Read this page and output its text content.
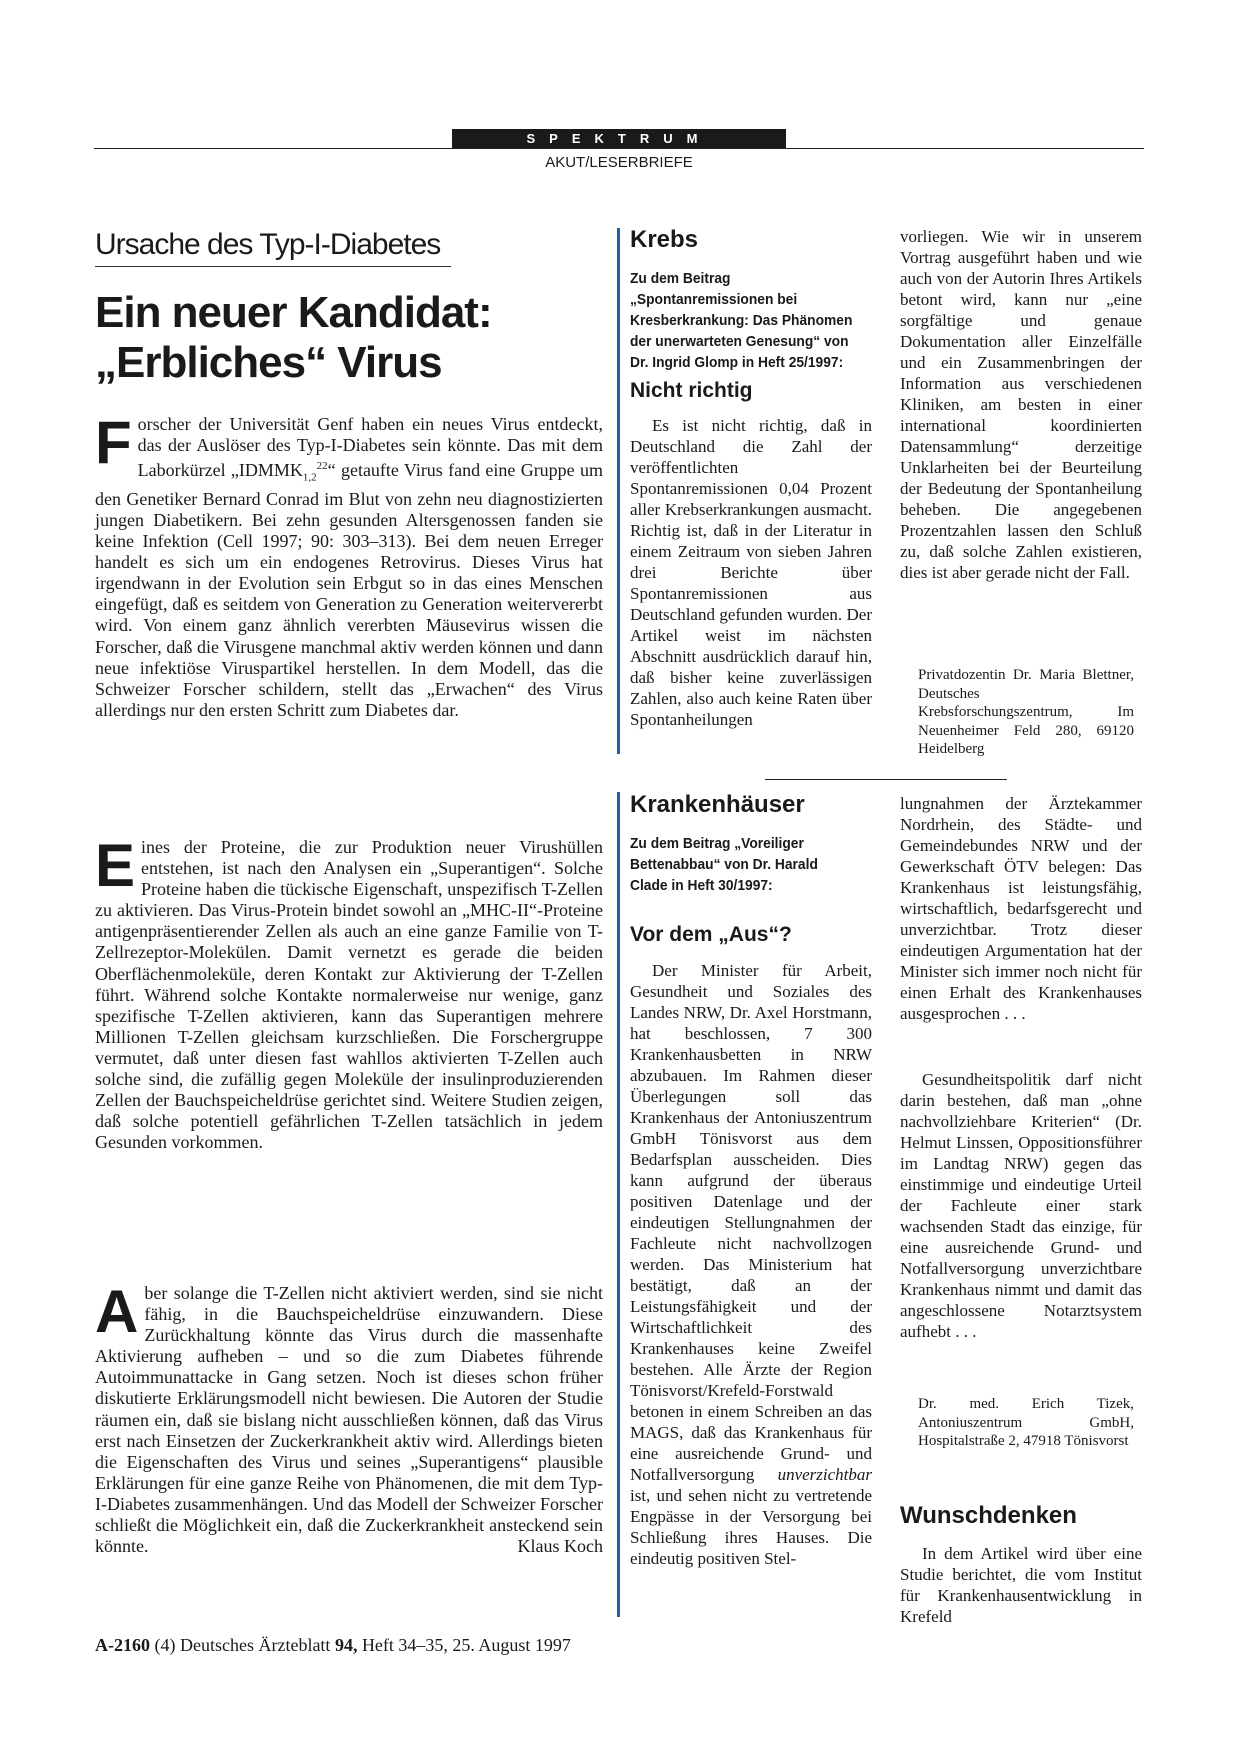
SPEKTRUM
AKUT/LESERBRIEFE
Ursache des Typ-I-Diabetes
Ein neuer Kandidat:
„Erbliches“ Virus

Forscher der Universität Genf haben ein neues Virus entdeckt, das der Auslöser des Typ-I-Diabetes sein könnte. Das mit dem Laborkürzel $„IDMMK_{1,2}^{22}“$ getaufte Virus fand eine Gruppe um den Genetiker Bernard Conrad im Blut von zehn neu diagnostizierten jungen Diabetikern. Bei zehn gesunden Altersgenossen fanden sie keine Infektion (Cell 1997; 90: 303–313). Bei dem neuen Erreger handelt es sich um ein endogenes Retrovirus. Dieses Virus hat irgendwann in der Evolution sein Erbgut so in das eines Menschen eingefügt, daß es seitdem von Generation zu Generation weitervererbt wird. Von einem ganz ähnlich vererbten Mäusevirus wissen die Forscher, daß die Virusgene manchmal aktiv werden können und dann neue infektiöse Viruspartikel herstellen. In dem Modell, das die Schweizer Forscher schildern, stellt das „Erwachen“ des Virus allerdings nur den ersten Schritt zum Diabetes dar.

Eines der Proteine, die zur Produktion neuer Virushüllen entstehen, ist nach den Analysen ein „Superantigen“. Solche Proteine haben die tückische Eigenschaft, unspezifisch T-Zellen zu aktivieren. Das Virus-Protein bindet sowohl an „MHC-II“-Proteine antigenpräsentierender Zellen als auch an eine ganze Familie von T-Zellrezeptor-Molekülen. Damit vernetzt es gerade die beiden Oberflächenmoleküle, deren Kontakt zur Aktivierung der T-Zellen führt. Während solche Kontakte normalerweise nur wenige, ganz spezifische T-Zellen aktivieren, kann das Superantigen mehrere Millionen T-Zellen gleichsam kurzschließen. Die Forschergruppe vermutet, daß unter diesen fast wahllos aktivierten T-Zellen auch solche sind, die zufällig gegen Moleküle der insulinproduzierenden Zellen der Bauchspeicheldrüse gerichtet sind. Weitere Studien zeigen, daß solche potentiell gefährlichen T-Zellen tatsächlich in jedem Gesunden vorkommen.

Aber solange die T-Zellen nicht aktiviert werden, sind sie nicht fähig, in die Bauchspeicheldrüse einzuwandern. Diese Zurückhaltung könnte das Virus durch die massenhafte Aktivierung aufheben – und so die zum Diabetes führende Autoimmunattacke in Gang setzen. Noch ist dieses schon früher diskutierte Erklärungsmodell nicht bewiesen. Die Autoren der Studie räumen ein, daß sie bislang nicht ausschließen können, daß das Virus erst nach Einsetzen der Zuckerkrankheit aktiv wird. Allerdings bieten die Eigenschaften des Virus und seines „Superantigens“ plausible Erklärungen für eine ganze Reihe von Phänomenen, die mit dem Typ-I-Diabetes zusammenhängen. Und das Modell der Schweizer Forscher schließt die Möglichkeit ein, daß die Zuckerkrankheit ansteckend sein könnte.	Klaus Koch

Krebs
Zu dem Beitrag „Spontanremissionen bei Kresberkrankung: Das Phänomen der unerwarteten Genesung“ von Dr. Ingrid Glomp in Heft 25/1997:
Nicht richtig

Es ist nicht richtig, daß in Deutschland die Zahl der veröffentlichten Spontanremissionen 0,04 Prozent aller Krebserkrankungen ausmacht. Richtig ist, daß in der Literatur in einem Zeitraum von sieben Jahren drei Berichte über Spontanremissionen aus Deutschland gefunden wurden. Der Artikel weist im nächsten Abschnitt ausdrücklich darauf hin, daß bisher keine zuverlässigen Zahlen, also auch keine Raten über Spontanheilungen

vorliegen. Wie wir in unserem Vortrag ausgeführt haben und wie auch von der Autorin Ihres Artikels betont wird, kann nur „eine sorgfältige und genaue Dokumentation aller Einzelfälle und ein Zusammenbringen der Information aus verschiedenen Kliniken, am besten in einer international koordinierten Datensammlung“ derzeitige Unklarheiten bei der Beurteilung der Bedeutung der Spontanheilung beheben. Die angegebenen Prozentzahlen lassen den Schluß zu, daß solche Zahlen existieren, dies ist aber gerade nicht der Fall.

Privatdozentin Dr. Maria Blettner, Deutsches Krebsforschungszentrum, Im Neuenheimer Feld 280, 69120 Heidelberg
Krankenhäuser
Zu dem Beitrag „Voreiliger Bettenabbau“ von Dr. Harald Clade in Heft 30/1997:
Vor dem „Aus“?

Der Minister für Arbeit, Gesundheit und Soziales des Landes NRW, Dr. Axel Horstmann, hat beschlossen, 7 300 Krankenhausbetten in NRW abzubauen. Im Rahmen dieser Überlegungen soll das Krankenhaus der Antoniuszentrum GmbH Tönisvorst aus dem Bedarfsplan ausscheiden. Dies kann aufgrund der überaus positiven Datenlage und der eindeutigen Stellungnahmen der Fachleute nicht nachvollzogen werden. Das Ministerium hat bestätigt, daß an der Leistungsfähigkeit und der Wirtschaftlichkeit des Krankenhauses keine Zweifel bestehen. Alle Ärzte der Region Tönisvorst/Krefeld-Forstwald betonen in einem Schreiben an das MAGS, daß das Krankenhaus für eine ausreichende Grund- und Notfallversorgung unverzichtbar ist, und sehen nicht zu vertretende Engpässe in der Versorgung bei Schließung ihres Hauses. Die eindeutig positiven Stel-

lungnahmen der Ärztekammer Nordrhein, des Städte- und Gemeindebundes NRW und der Gewerkschaft ÖTV belegen: Das Krankenhaus ist leistungsfähig, wirtschaftlich, bedarfsgerecht und unverzichtbar. Trotz dieser eindeutigen Argumentation hat der Minister sich immer noch nicht für einen Erhalt des Krankenhauses ausgesprochen . . .

Gesundheitspolitik darf nicht darin bestehen, daß man „ohne nachvollziehbare Kriterien“ (Dr. Helmut Linssen, Oppositionsführer im Landtag NRW) gegen das einstimmige und eindeutige Urteil der Fachleute einer stark wachsenden Stadt das einzige, für eine ausreichende Grund- und Notfallversorgung unverzichtbare Krankenhaus nimmt und damit das angeschlossene Notarztsystem aufhebt . . .

Dr. med. Erich Tizek, Antoniuszentrum GmbH, Hospitalstraße 2, 47918 Tönisvorst
Wunschdenken

In dem Artikel wird über eine Studie berichtet, die vom Institut für Krankenhausentwicklung in Krefeld

A-2160 (4) Deutsches Ärzteblatt 94, Heft 34–35, 25. August 1997
